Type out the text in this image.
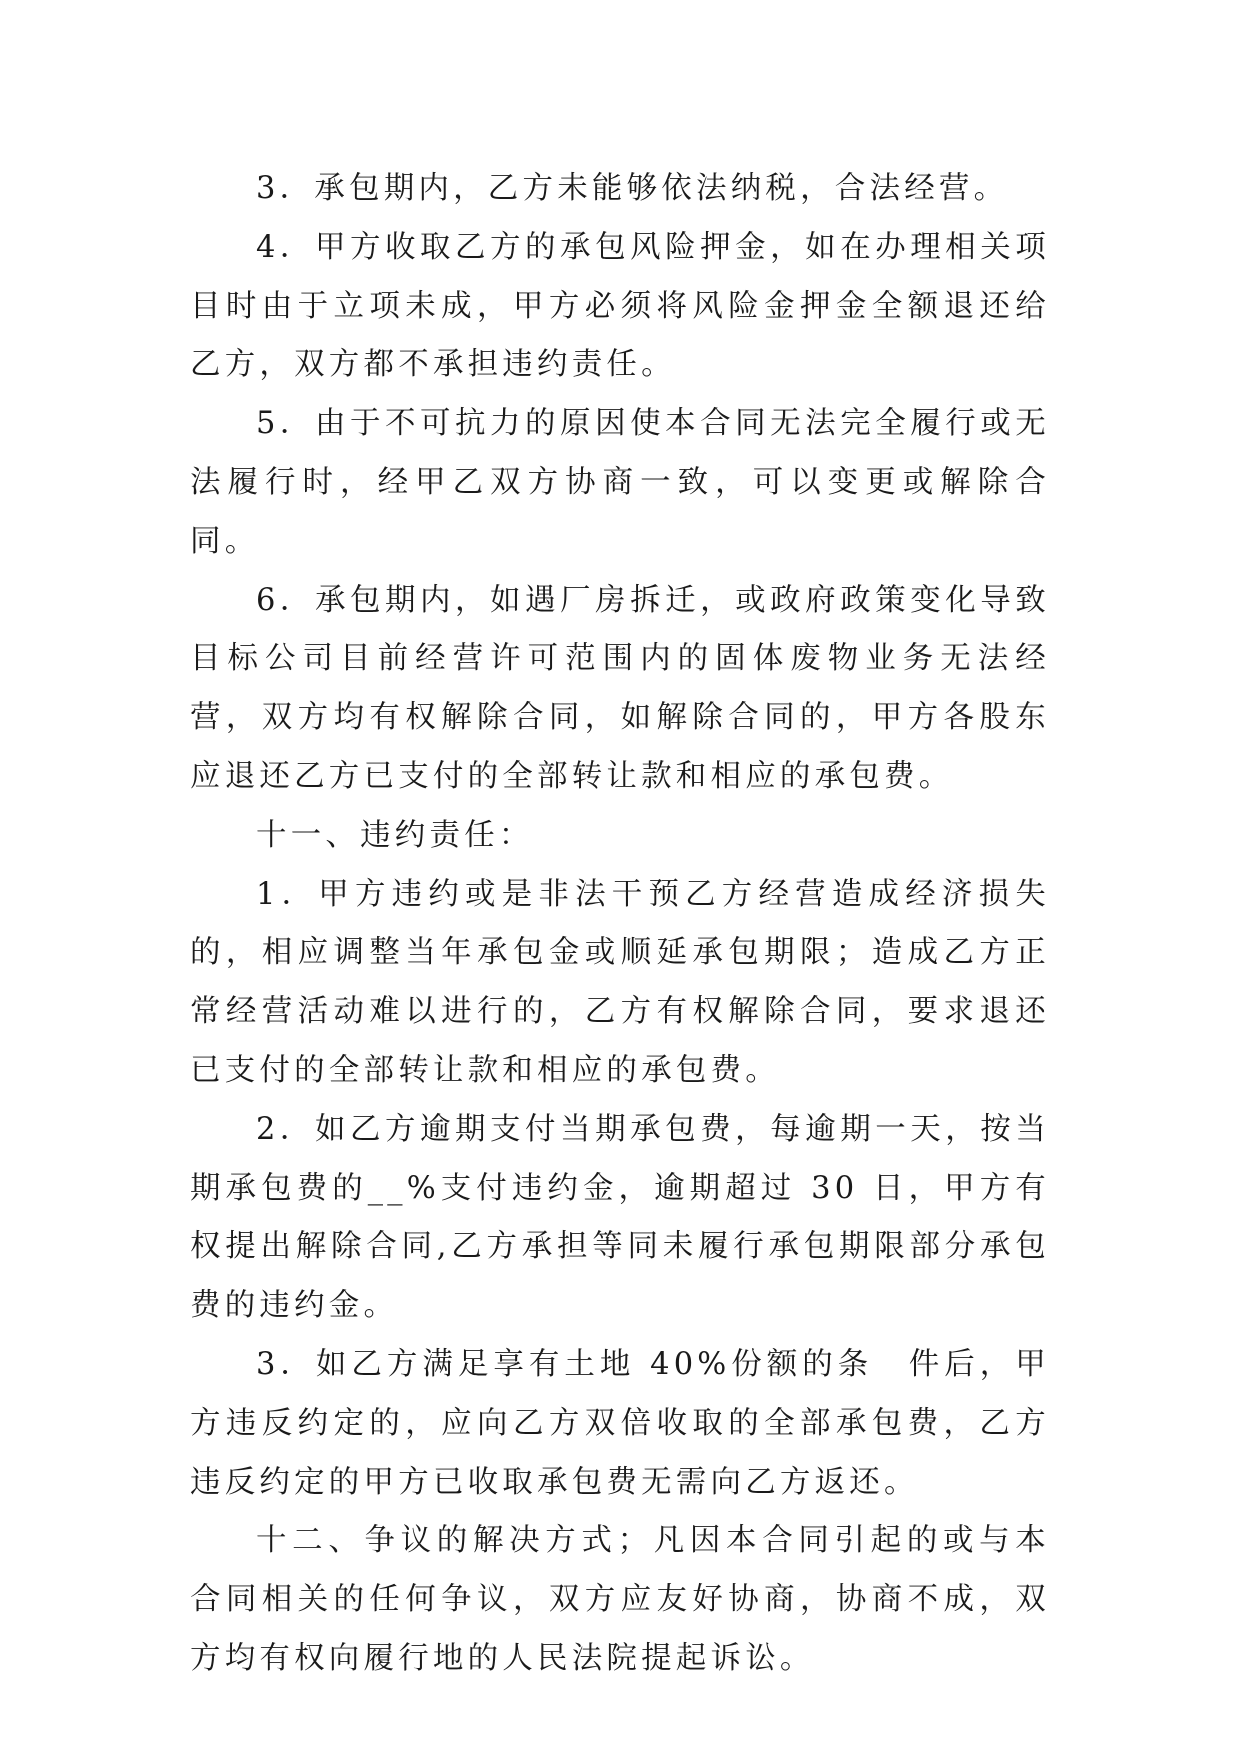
3．承包期内，乙方未能够依法纳税，合法经营。

4．甲方收取乙方的承包风险押金，如在办理相关项目时由于立项未成，甲方必须将风险金押金全额退还给乙方，双方都不承担违约责任。

5．由于不可抗力的原因使本合同无法完全履行或无法履行时，经甲乙双方协商一致，可以变更或解除合同。

6．承包期内，如遇厂房拆迁，或政府政策变化导致目标公司目前经营许可范围内的固体废物业务无法经营，双方均有权解除合同，如解除合同的，甲方各股东应退还乙方已支付的全部转让款和相应的承包费。

十一、违约责任：

1．甲方违约或是非法干预乙方经营造成经济损失的，相应调整当年承包金或顺延承包期限；造成乙方正常经营活动难以进行的，乙方有权解除合同，要求退还已支付的全部转让款和相应的承包费。

2．如乙方逾期支付当期承包费，每逾期一天，按当期承包费的__%支付违约金，逾期超过 30 日，甲方有权提出解除合同,乙方承担等同未履行承包期限部分承包费的违约金。

3．如乙方满足享有土地 40%份额的条　件后，甲方违反约定的，应向乙方双倍收取的全部承包费，乙方违反约定的甲方已收取承包费无需向乙方返还。

十二、争议的解决方式；凡因本合同引起的或与本合同相关的任何争议，双方应友好协商，协商不成，双方均有权向履行地的人民法院提起诉讼。
